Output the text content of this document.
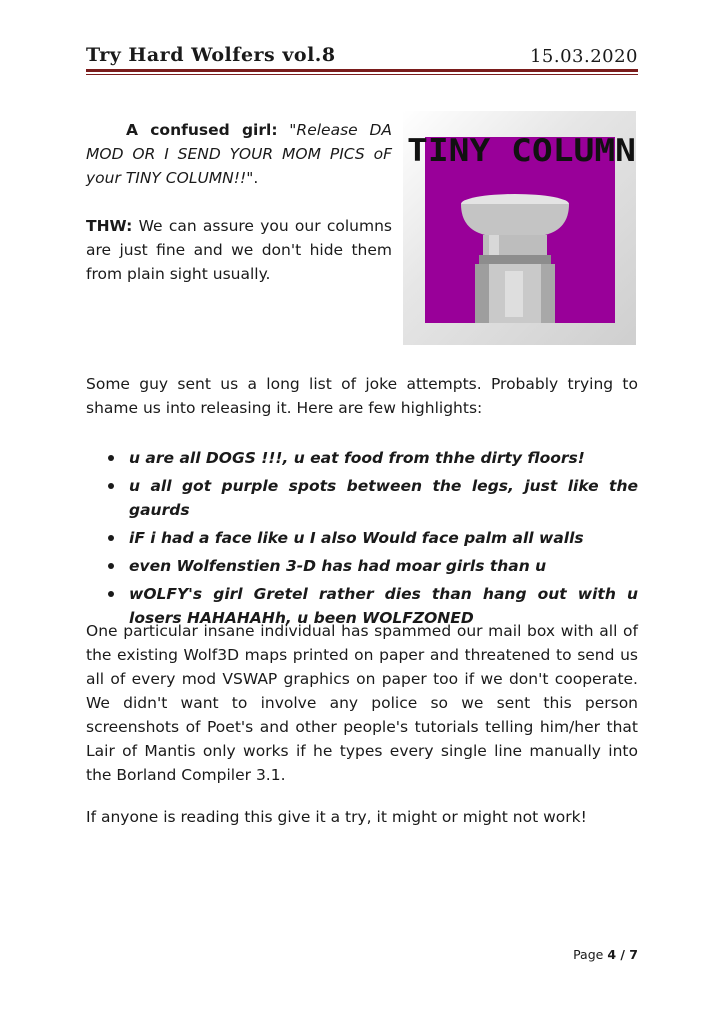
Try Hard Wolfers vol.8	15.03.2020

A confused girl: "Release DA MOD OR I SEND YOUR MOM PICS oF your TINY COLUMN!!".

THW: We can assure you our columns are just fine and we don't hide them from plain sight usually.

TINY COLUMN

Some guy sent us a long list of joke attempts. Probably trying to shame us into releasing it. Here are few highlights:

u are all DOGS !!!, u eat food from thhe dirty floors!
u all got purple spots between the legs, just like the gaurds
iF i had a face like u I also Would face palm all walls
even Wolfenstien 3-D has had moar girls than u
wOLFY's girl Gretel rather dies than hang out with u losers HAHAHAHh, u been WOLFZONED

One particular insane individual has spammed our mail box with all of the existing Wolf3D maps printed on paper and threatened to send us all of every mod VSWAP graphics on paper too if we don't cooperate. We didn't want to involve any police so we sent this person screenshots of Poet's and other people's tutorials telling him/her that Lair of Mantis only works if he types every single line manually into the Borland Compiler 3.1.

If anyone is reading this give it a try, it might or might not work!

Page 4 / 7
